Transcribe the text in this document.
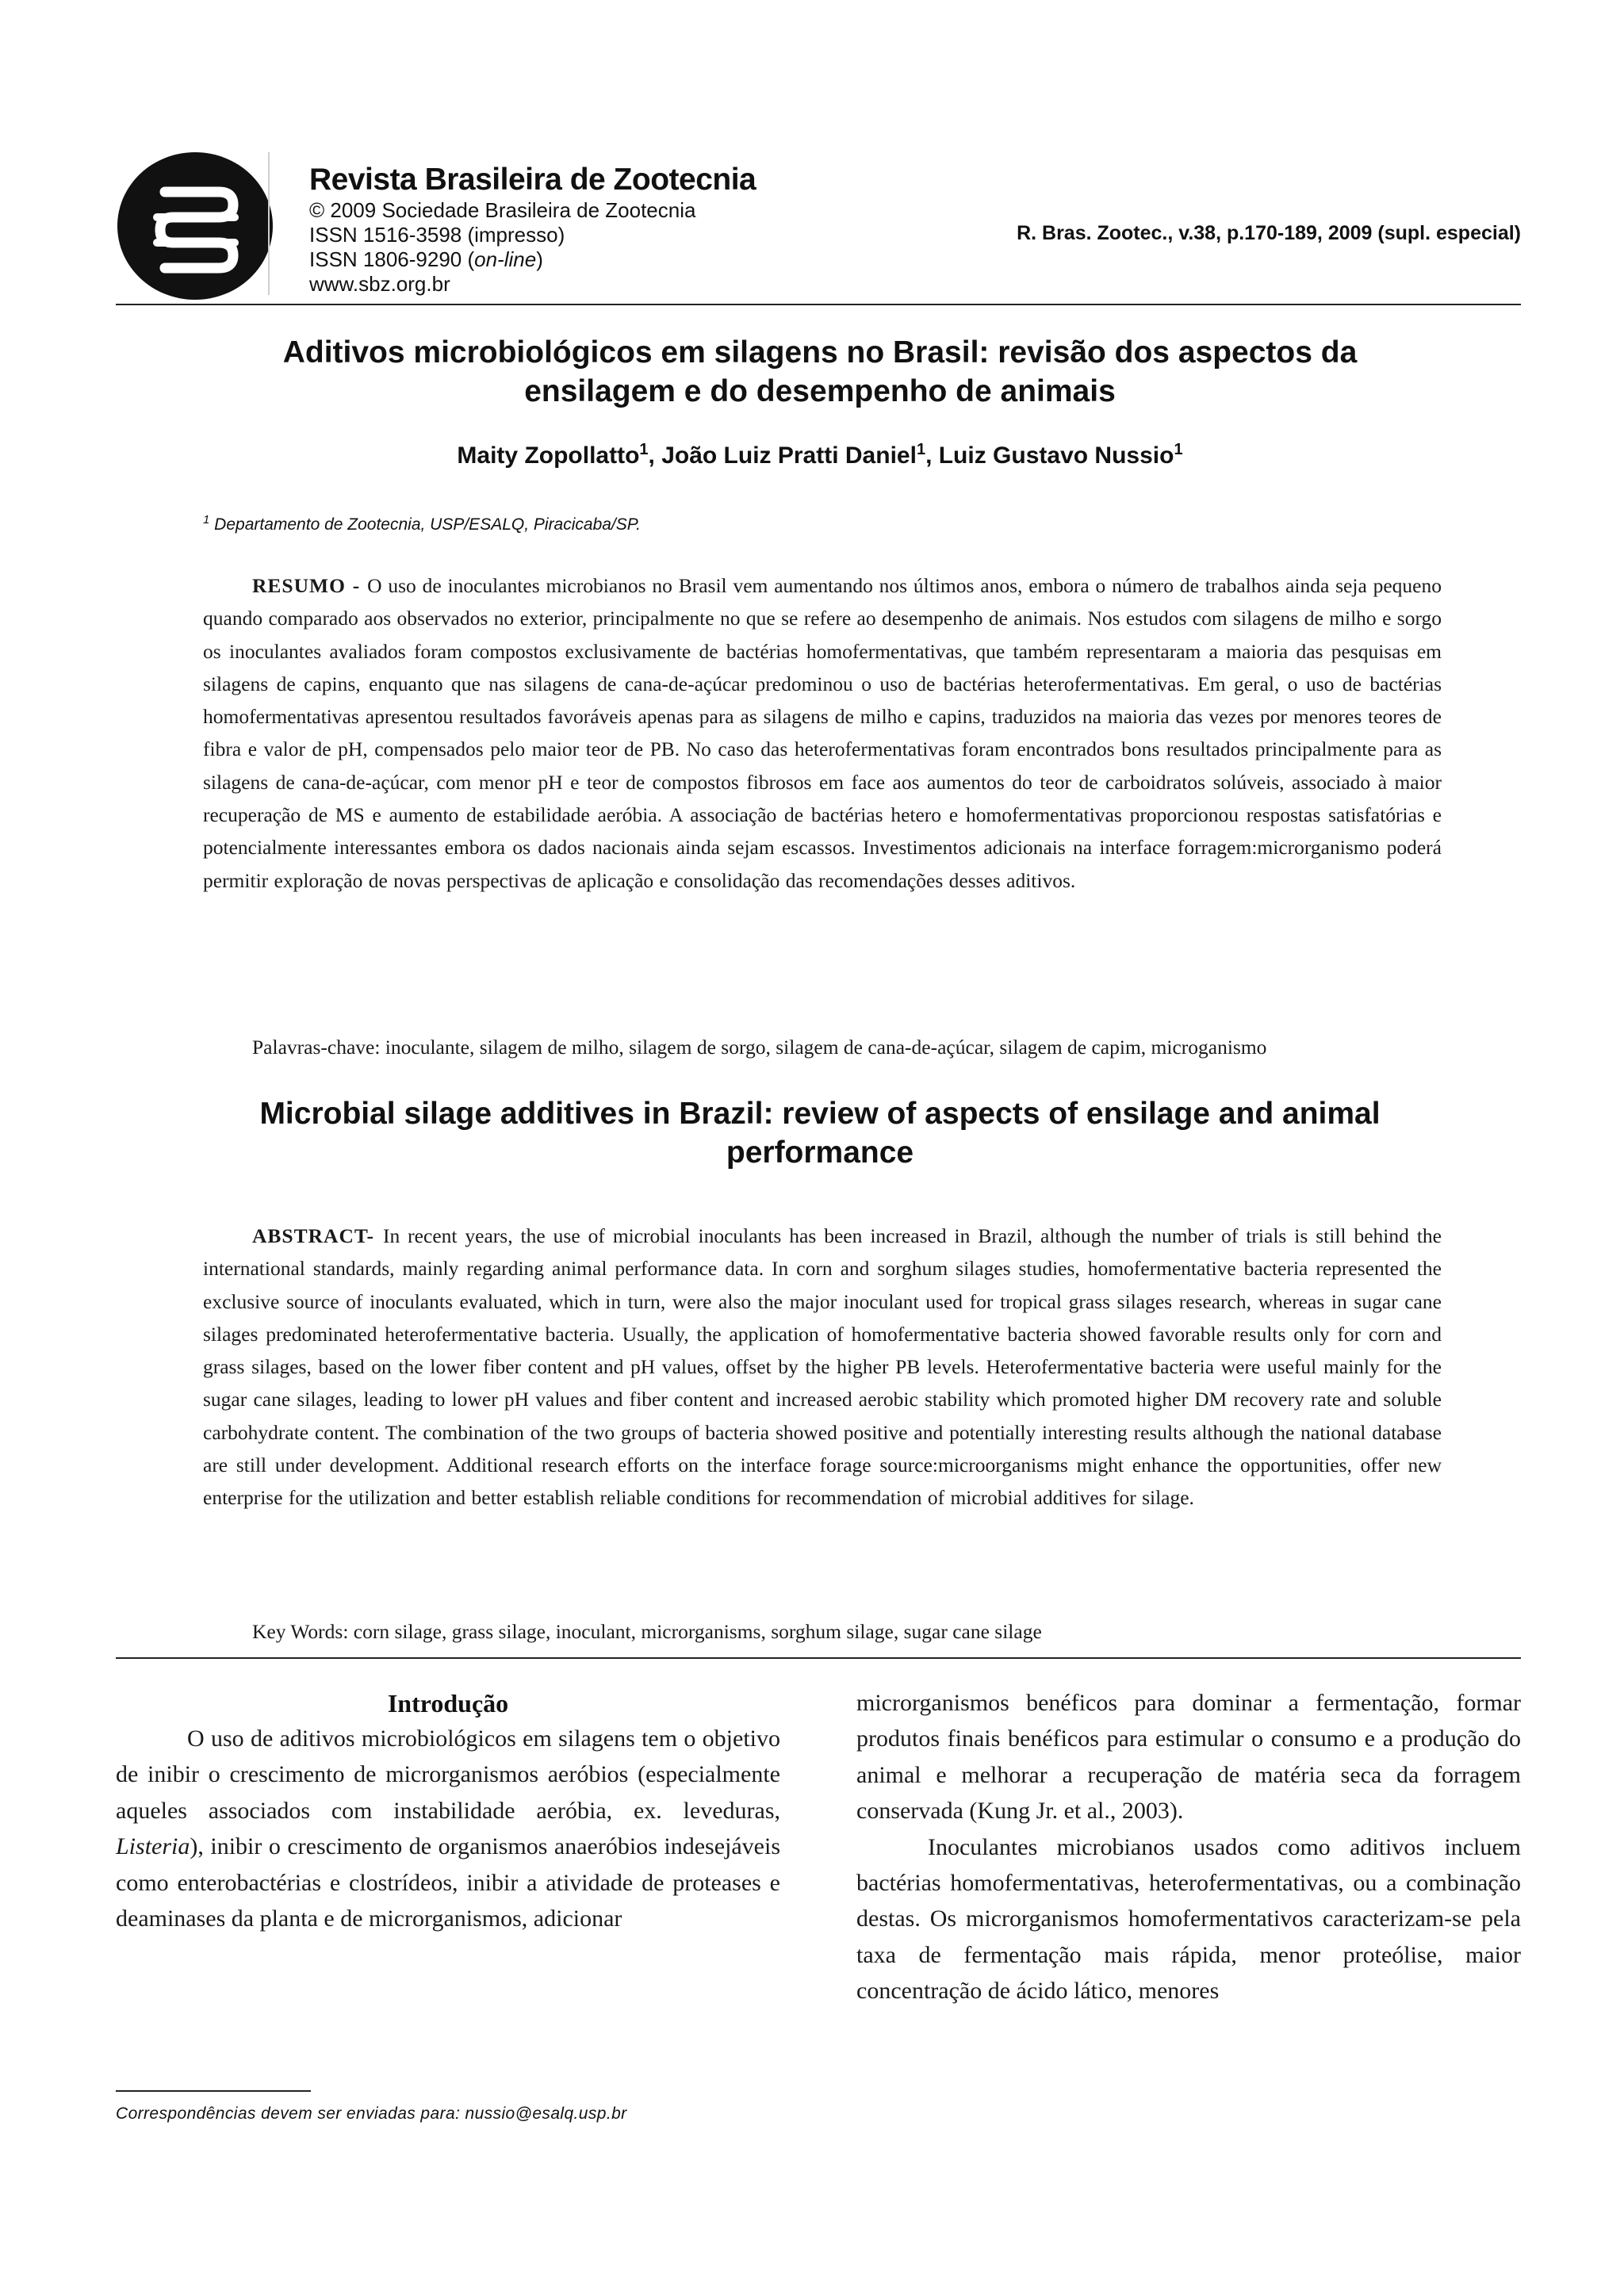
Revista Brasileira de Zootecnia
© 2009 Sociedade Brasileira de Zootecnia
ISSN 1516-3598 (impresso)
ISSN 1806-9290 (on-line)
www.sbz.org.br
R. Bras. Zootec., v.38, p.170-189, 2009 (supl. especial)
Aditivos microbiológicos em silagens no Brasil: revisão dos aspectos da
ensilagem e do desempenho de animais
Maity Zopollatto$^1$, João Luiz Pratti Daniel$^1$, Luiz Gustavo Nussio$^1$
$^1$ Departamento de Zootecnia, USP/ESALQ, Piracicaba/SP.
RESUMO - O uso de inoculantes microbianos no Brasil vem aumentando nos últimos anos, embora o número de trabalhos ainda seja pequeno quando comparado aos observados no exterior, principalmente no que se refere ao desempenho de animais. Nos estudos com silagens de milho e sorgo os inoculantes avaliados foram compostos exclusivamente de bactérias homofermentativas, que também representaram a maioria das pesquisas em silagens de capins, enquanto que nas silagens de cana-de-açúcar predominou o uso de bactérias heterofermentativas. Em geral, o uso de bactérias homofermentativas apresentou resultados favoráveis apenas para as silagens de milho e capins, traduzidos na maioria das vezes por menores teores de fibra e valor de pH, compensados pelo maior teor de PB. No caso das heterofermentativas foram encontrados bons resultados principalmente para as silagens de cana-de-açúcar, com menor pH e teor de compostos fibrosos em face aos aumentos do teor de carboidratos solúveis, associado à maior recuperação de MS e aumento de estabilidade aeróbia. A associação de bactérias hetero e homofermentativas proporcionou respostas satisfatórias e potencialmente interessantes embora os dados nacionais ainda sejam escassos. Investimentos adicionais na interface forragem:microrganismo poderá permitir exploração de novas perspectivas de aplicação e consolidação das recomendações desses aditivos.
Palavras-chave: inoculante, silagem de milho, silagem de sorgo, silagem de cana-de-açúcar, silagem de capim, microganismo
Microbial silage additives in Brazil: review of aspects of ensilage and animal
performance
ABSTRACT- In recent years, the use of microbial inoculants has been increased in Brazil, although the number of trials is still behind the international standards, mainly regarding animal performance data. In corn and sorghum silages studies, homofermentative bacteria represented the exclusive source of inoculants evaluated, which in turn, were also the major inoculant used for tropical grass silages research, whereas in sugar cane silages predominated heterofermentative bacteria. Usually, the application of homofermentative bacteria showed favorable results only for corn and grass silages, based on the lower fiber content and pH values, offset by the higher PB levels. Heterofermentative bacteria were useful mainly for the sugar cane silages, leading to lower pH values and fiber content and increased aerobic stability which promoted higher DM recovery rate and soluble carbohydrate content. The combination of the two groups of bacteria showed positive and potentially interesting results although the national database are still under development. Additional research efforts on the interface forage source:microorganisms might enhance the opportunities, offer new enterprise for the utilization and better establish reliable conditions for recommendation of microbial additives for silage.
Key Words: corn silage, grass silage, inoculant, microrganisms, sorghum silage, sugar cane silage
Introdução

O uso de aditivos microbiológicos em silagens tem o objetivo de inibir o crescimento de microrganismos aeróbios (especialmente aqueles associados com instabilidade aeróbia, ex. leveduras, Listeria), inibir o crescimento de organismos anaeróbios indesejáveis como enterobactérias e clostrídeos, inibir a atividade de proteases e deaminases da planta e de microrganismos, adicionar

microrganismos benéficos para dominar a fermentação, formar produtos finais benéficos para estimular o consumo e a produção do animal e melhorar a recuperação de matéria seca da forragem conservada (Kung Jr. et al., 2003).

Inoculantes microbianos usados como aditivos incluem bactérias homofermentativas, heterofermentativas, ou a combinação destas. Os microrganismos homofermentativos caracterizam-se pela taxa de fermentação mais rápida, menor proteólise, maior concentração de ácido lático, menores

Correspondências devem ser enviadas para: nussio@esalq.usp.br
